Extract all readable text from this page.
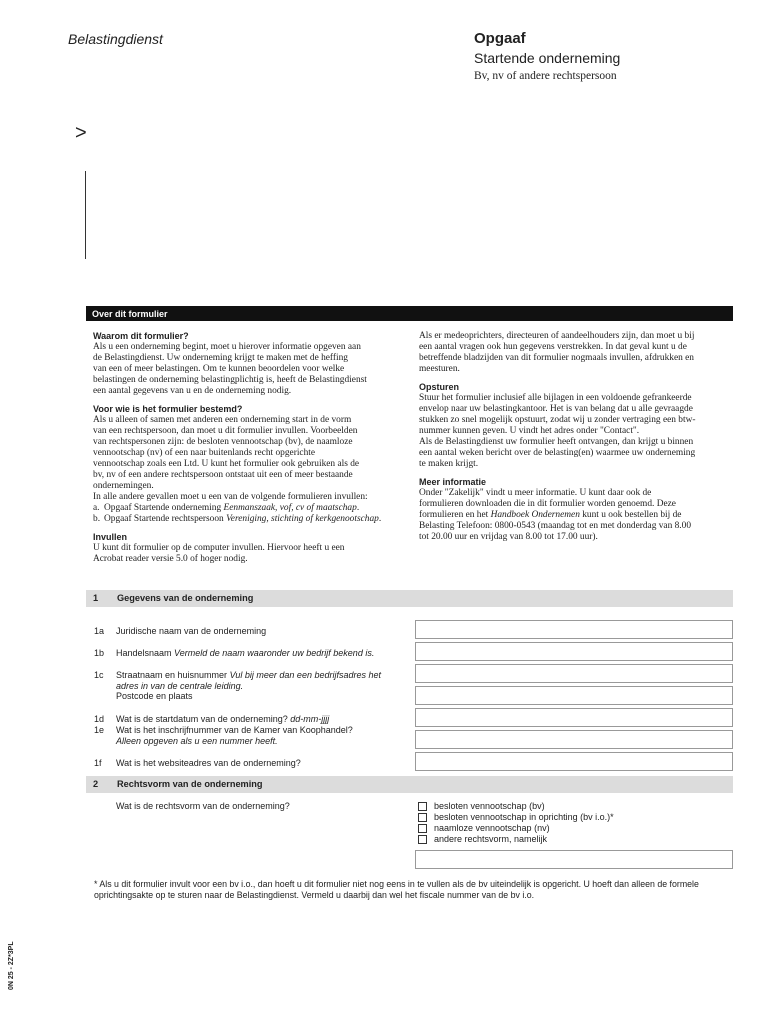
Belastingdienst	Opgaaf
Startende onderneming
Bv, nv of andere rechtspersoon
>
Over dit formulier
Waarom dit formulier?

Als u een onderneming begint, moet u hierover informatie opgeven aan
de Belastingdienst. Uw onderneming krijgt te maken met de heffing
van een of meer belastingen. Om te kunnen beoordelen voor welke
belastingen de onderneming belastingplichtig is, heeft de Belastingdienst
een aantal gegevens van u en de onderneming nodig.

Voor wie is het formulier bestemd?

Als u alleen of samen met anderen een onderneming start in de vorm
van een rechtspersoon, dan moet u dit formulier invullen. Voorbeelden
van rechtspersonen zijn: de besloten vennootschap (bv), de naamloze
vennootschap (nv) of een naar buitenlands recht opgerichte
vennootschap zoals een Ltd. U kunt het formulier ook gebruiken als de
bv, nv of een andere rechtspersoon ontstaat uit een of meer bestaande
ondernemingen.
In alle andere gevallen moet u een van de volgende formulieren invullen:

a. Opgaaf Startende onderneming Eenmanszaak, vof, cv of maatschap.
b. Opgaaf Startende rechtspersoon Vereniging, stichting of kerkgenootschap.
Invullen

U kunt dit formulier op de computer invullen. Hiervoor heeft u een
Acrobat reader versie 5.0 of hoger nodig.

Als er medeoprichters, directeuren of aandeelhouders zijn, dan moet u bij
een aantal vragen ook hun gegevens verstrekken. In dat geval kunt u de
betreffende bladzijden van dit formulier nogmaals invullen, afdrukken en
meesturen.

Opsturen

Stuur het formulier inclusief alle bijlagen in een voldoende gefrankeerde
envelop naar uw belastingkantoor. Het is van belang dat u alle gevraagde
stukken zo snel mogelijk opstuurt, zodat wij u zonder vertraging een btw-
nummer kunnen geven. U vindt het adres onder "Contact".
Als de Belastingdienst uw formulier heeft ontvangen, dan krijgt u binnen
een aantal weken bericht over de belasting(en) waarmee uw onderneming
te maken krijgt.

Meer informatie

Onder "Zakelijk" vindt u meer informatie. U kunt daar ook de
formulieren downloaden die in dit formulier worden genoemd. Deze
formulieren en het Handboek Ondernemen kunt u ook bestellen bij de
Belasting Telefoon: 0800-0543 (maandag tot en met donderdag van 8.00
tot 20.00 uur en vrijdag van 8.00 tot 17.00 uur).

1 Gegevens van de onderneming
1a	Juridische naam van de onderneming
1b	Handelsnaam Vermeld de naam waaronder uw bedrijf bekend is.
1c	Straatnaam en huisnummer Vul bij meer dan een bedrijfsadres het adres in van de centrale leiding.
Postcode en plaats
1d	Wat is de startdatum van de onderneming? dd-mm-jjjj
1e	Wat is het inschrijfnummer van de Kamer van Koophandel?
Alleen opgeven als u een nummer heeft.
1f	Wat is het websiteadres van de onderneming?
2 Rechtsvorm van de onderneming
Wat is de rechtsvorm van de onderneming?	besloten vennootschap (bv)
besloten vennootschap in oprichting (bv i.o.)*
naamloze vennootschap (nv)
andere rechtsvorm, namelijk
* Als u dit formulier invult voor een bv i.o., dan hoeft u dit formulier niet nog eens in te vullen als de bv uiteindelijk is opgericht. U hoeft dan alleen de formele oprichtingsakte op te sturen naar de Belastingdienst. Vermeld u daarbij dan wel het fiscale nummer van de bv i.o.
0N 25 - 2Z*3PL
